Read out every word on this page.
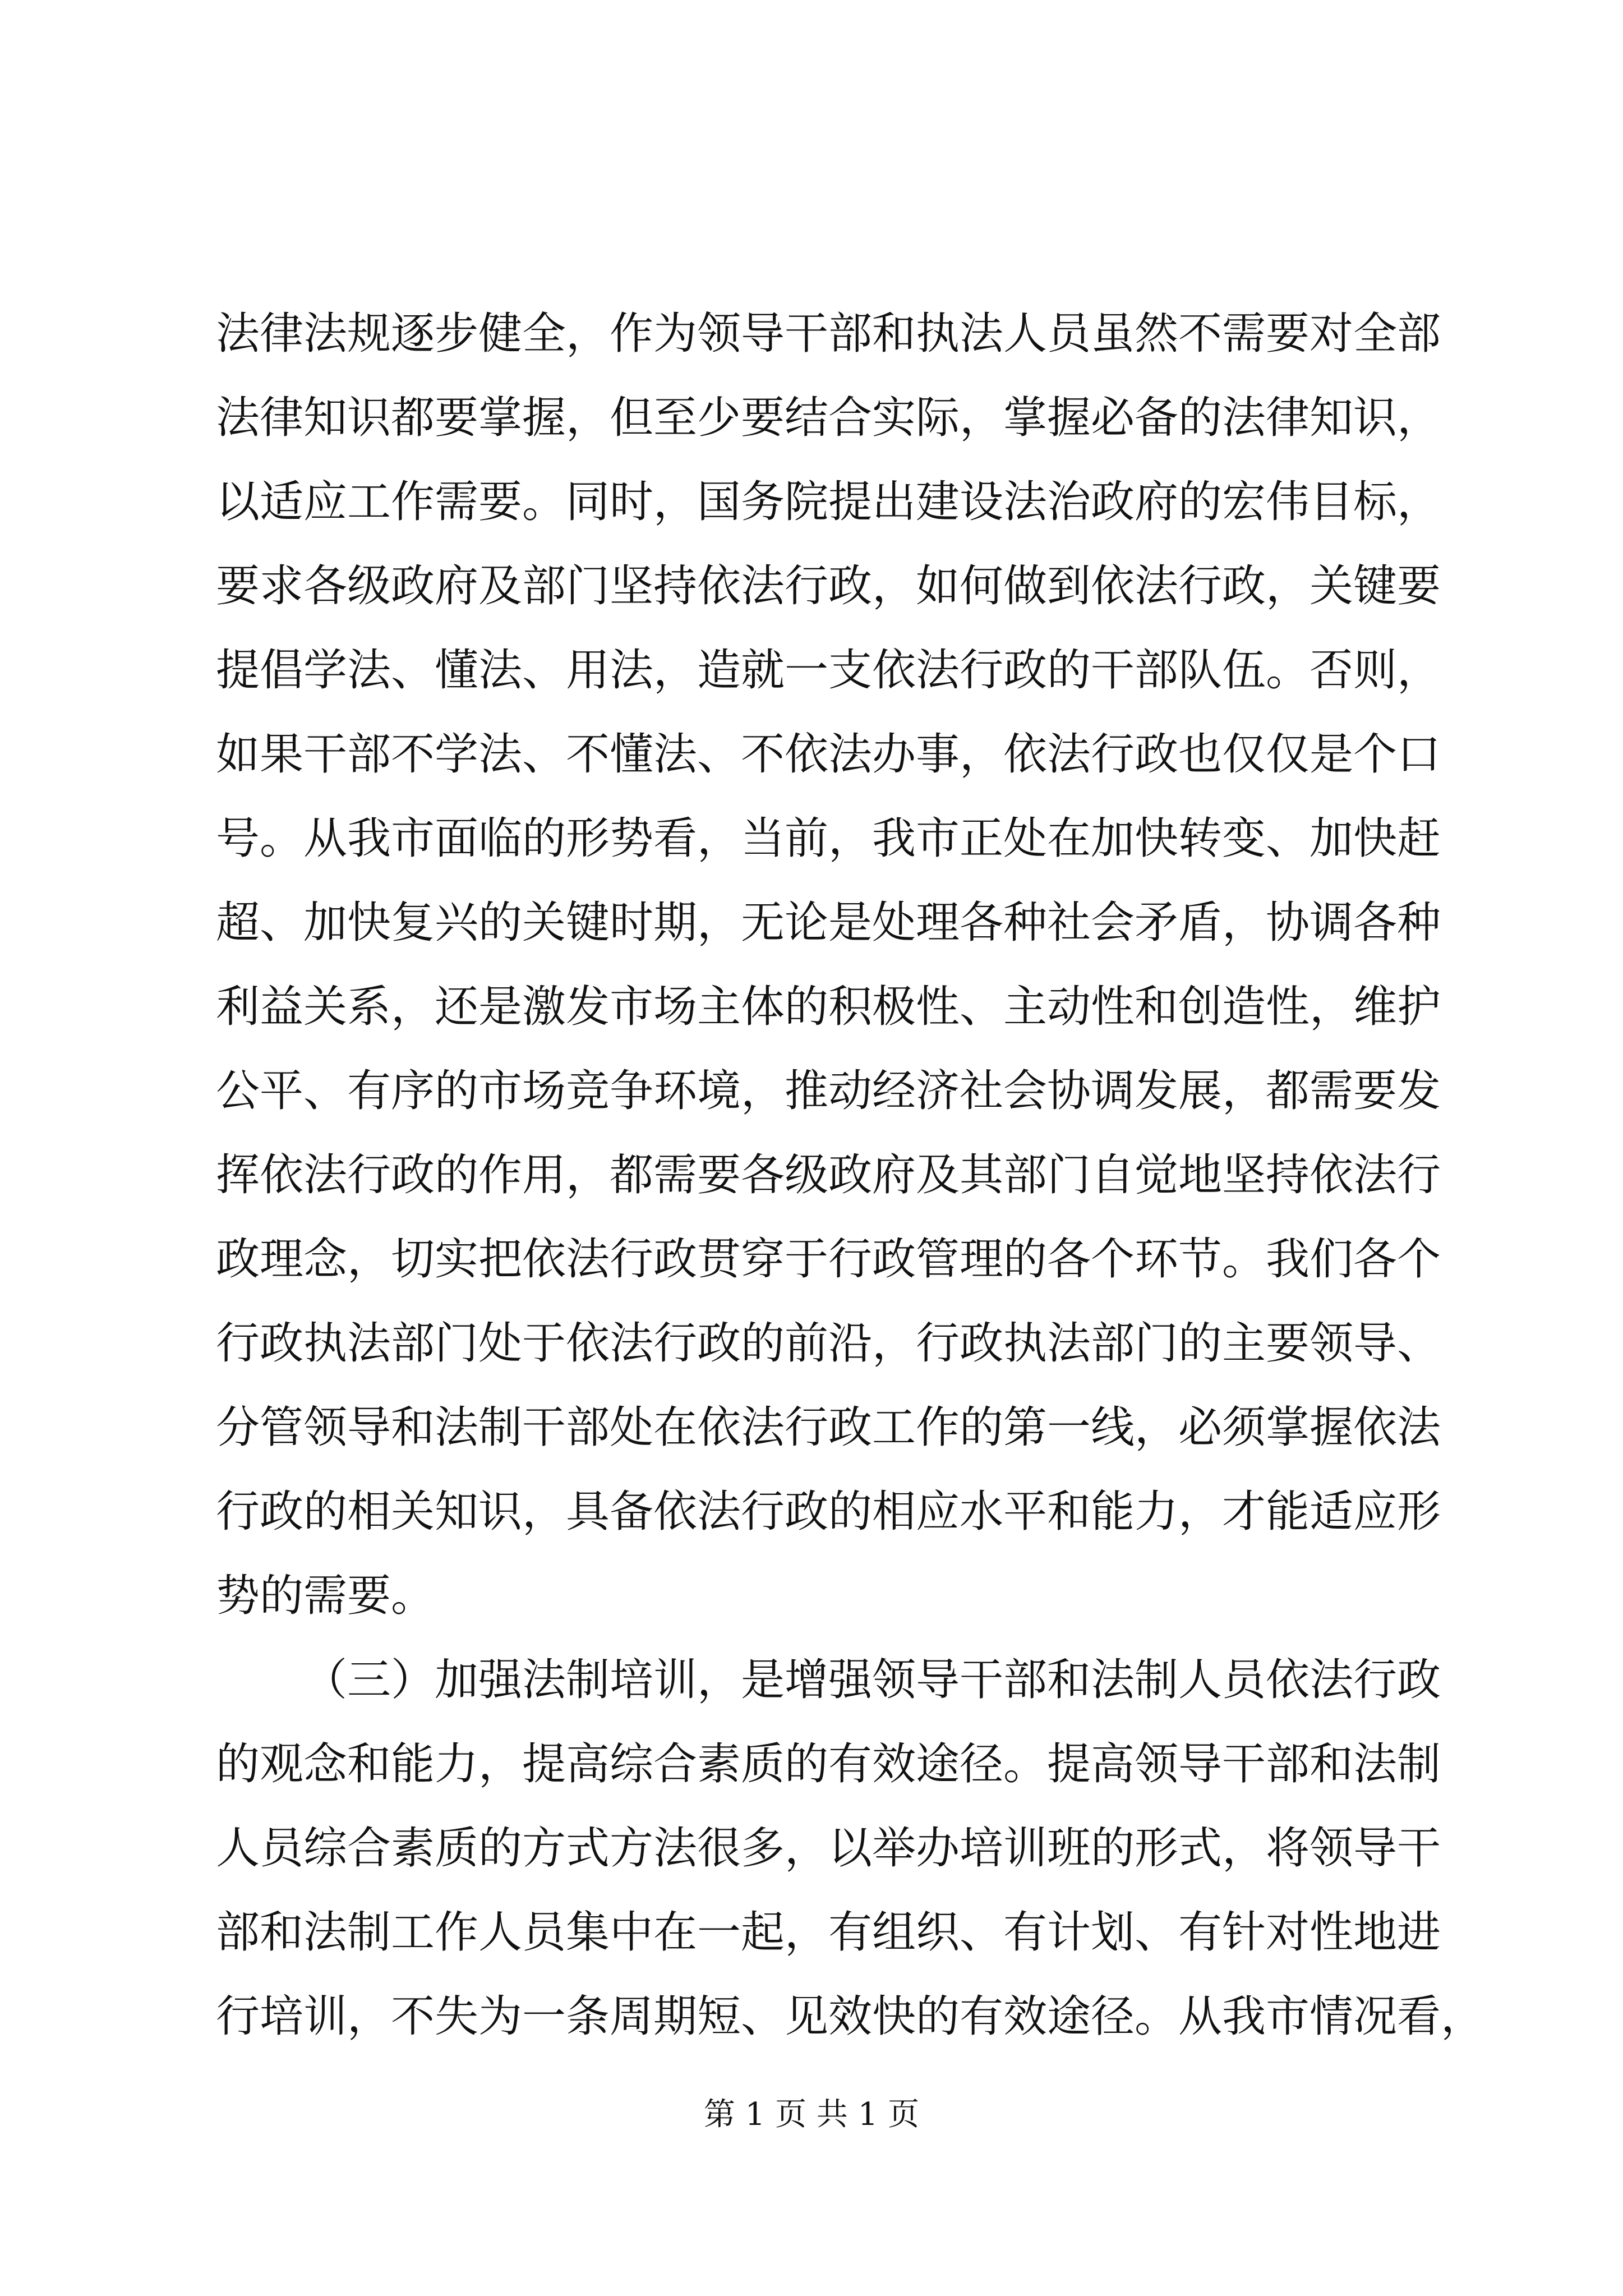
法律法规逐步健全，作为领导干部和执法人员虽然不需要对全部
法律知识都要掌握，但至少要结合实际，掌握必备的法律知识，
以适应工作需要。同时，国务院提出建设法治政府的宏伟目标，
要求各级政府及部门坚持依法行政，如何做到依法行政，关键要
提倡学法、懂法、用法，造就一支依法行政的干部队伍。否则，
如果干部不学法、不懂法、不依法办事，依法行政也仅仅是个口
号。从我市面临的形势看，当前，我市正处在加快转变、加快赶
超、加快复兴的关键时期，无论是处理各种社会矛盾，协调各种
利益关系，还是激发市场主体的积极性、主动性和创造性，维护
公平、有序的市场竞争环境，推动经济社会协调发展，都需要发
挥依法行政的作用，都需要各级政府及其部门自觉地坚持依法行
政理念，切实把依法行政贯穿于行政管理的各个环节。我们各个
行政执法部门处于依法行政的前沿，行政执法部门的主要领导、
分管领导和法制干部处在依法行政工作的第一线，必须掌握依法
行政的相关知识，具备依法行政的相应水平和能力，才能适应形
势的需要。
（三）加强法制培训，是增强领导干部和法制人员依法行政
的观念和能力，提高综合素质的有效途径。提高领导干部和法制
人员综合素质的方式方法很多，以举办培训班的形式，将领导干
部和法制工作人员集中在一起，有组织、有计划、有针对性地进
行培训，不失为一条周期短、见效快的有效途径。从我市情况看，
第 1 页 共 1 页
